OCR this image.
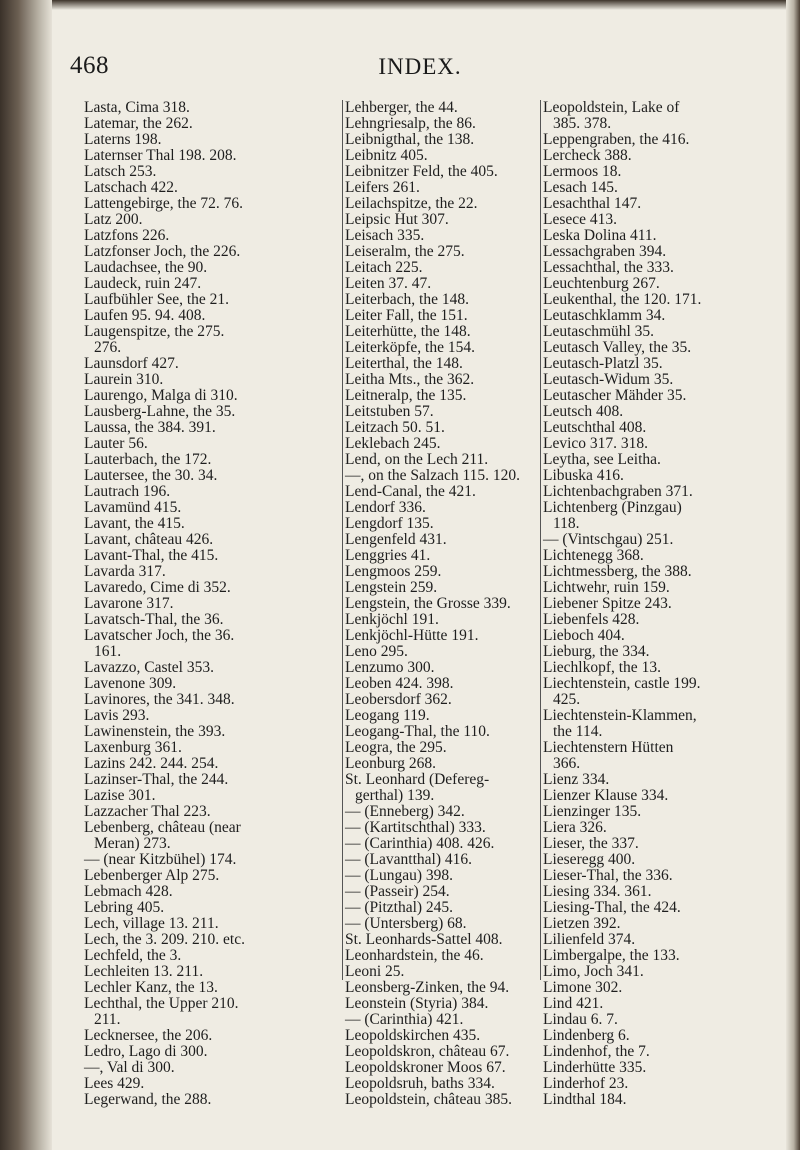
468	INDEX.
Lasta, Cima 318.
Latemar, the 262.
Laterns 198.
Laternser Thal 198. 208.
Latsch 253.
Latschach 422.
Lattengebirge, the 72. 76.
Latz 200.
Latzfons 226.
Latzfonser Joch, the 226.
Laudachsee, the 90.
Laudeck, ruin 247.
Laufbühler See, the 21.
Laufen 95. 94. 408.
Laugenspitze, the 275.
276.
Launsdorf 427.
Laurein 310.
Laurengo, Malga di 310.
Lausberg-Lahne, the 35.
Laussa, the 384. 391.
Lauter 56.
Lauterbach, the 172.
Lautersee, the 30. 34.
Lautrach 196.
Lavamünd 415.
Lavant, the 415.
Lavant, château 426.
Lavant-Thal, the 415.
Lavarda 317.
Lavaredo, Cime di 352.
Lavarone 317.
Lavatsch-Thal, the 36.
Lavatscher Joch, the 36.
161.
Lavazzo, Castel 353.
Lavenone 309.
Lavinores, the 341. 348.
Lavis 293.
Lawinenstein, the 393.
Laxenburg 361.
Lazins 242. 244. 254.
Lazinser-Thal, the 244.
Lazise 301.
Lazzacher Thal 223.
Lebenberg, château (near
Meran) 273.
— (near Kitzbühel) 174.
Lebenberger Alp 275.
Lebmach 428.
Lebring 405.
Lech, village 13. 211.
Lech, the 3. 209. 210. etc.
Lechfeld, the 3.
Lechleiten 13. 211.
Lechler Kanz, the 13.
Lechthal, the Upper 210.
211.
Lecknersee, the 206.
Ledro, Lago di 300.
—, Val di 300.
Lees 429.
Legerwand, the 288.
Lehberger, the 44.
Lehngriesalp, the 86.
Leibnigthal, the 138.
Leibnitz 405.
Leibnitzer Feld, the 405.
Leifers 261.
Leilachspitze, the 22.
Leipsic Hut 307.
Leisach 335.
Leiseralm, the 275.
Leitach 225.
Leiten 37. 47.
Leiterbach, the 148.
Leiter Fall, the 151.
Leiterhütte, the 148.
Leiterköpfe, the 154.
Leiterthal, the 148.
Leitha Mts., the 362.
Leitneralp, the 135.
Leitstuben 57.
Leitzach 50. 51.
Leklebach 245.
Lend, on the Lech 211.
—, on the Salzach 115. 120.
Lend-Canal, the 421.
Lendorf 336.
Lengdorf 135.
Lengenfeld 431.
Lenggries 41.
Lengmoos 259.
Lengstein 259.
Lengstein, the Grosse 339.
Lenkjöchl 191.
Lenkjöchl-Hütte 191.
Leno 295.
Lenzumo 300.
Leoben 424. 398.
Leobersdorf 362.
Leogang 119.
Leogang-Thal, the 110.
Leogra, the 295.
Leonburg 268.
St. Leonhard (Defereg-
gerthal) 139.
— (Enneberg) 342.
— (Kartitschthal) 333.
— (Carinthia) 408. 426.
— (Lavantthal) 416.
— (Lungau) 398.
— (Passeir) 254.
— (Pitzthal) 245.
— (Untersberg) 68.
St. Leonhards-Sattel 408.
Leonhardstein, the 46.
Leoni 25.
Leonsberg-Zinken, the 94.
Leonstein (Styria) 384.
— (Carinthia) 421.
Leopoldskirchen 435.
Leopoldskron, château 67.
Leopoldskroner Moos 67.
Leopoldsruh, baths 334.
Leopoldstein, château 385.
Leopoldstein, Lake of
385. 378.
Leppengraben, the 416.
Lercheck 388.
Lermoos 18.
Lesach 145.
Lesachthal 147.
Lesece 413.
Leska Dolina 411.
Lessachgraben 394.
Lessachthal, the 333.
Leuchtenburg 267.
Leukenthal, the 120. 171.
Leutaschklamm 34.
Leutaschmühl 35.
Leutasch Valley, the 35.
Leutasch-Platzl 35.
Leutasch-Widum 35.
Leutascher Mähder 35.
Leutsch 408.
Leutschthal 408.
Levico 317. 318.
Leytha, see Leitha.
Libuska 416.
Lichtenbachgraben 371.
Lichtenberg (Pinzgau)
118.
— (Vintschgau) 251.
Lichtenegg 368.
Lichtmessberg, the 388.
Lichtwehr, ruin 159.
Liebener Spitze 243.
Liebenfels 428.
Lieboch 404.
Lieburg, the 334.
Liechlkopf, the 13.
Liechtenstein, castle 199.
425.
Liechtenstein-Klammen,
the 114.
Liechtenstern Hütten
366.
Lienz 334.
Lienzer Klause 334.
Lienzinger 135.
Liera 326.
Lieser, the 337.
Lieseregg 400.
Lieser-Thal, the 336.
Liesing 334. 361.
Liesing-Thal, the 424.
Lietzen 392.
Lilienfeld 374.
Limbergalpe, the 133.
Limo, Joch 341.
Limone 302.
Lind 421.
Lindau 6. 7.
Lindenberg 6.
Lindenhof, the 7.
Linderhütte 335.
Linderhof 23.
Lindthal 184.
